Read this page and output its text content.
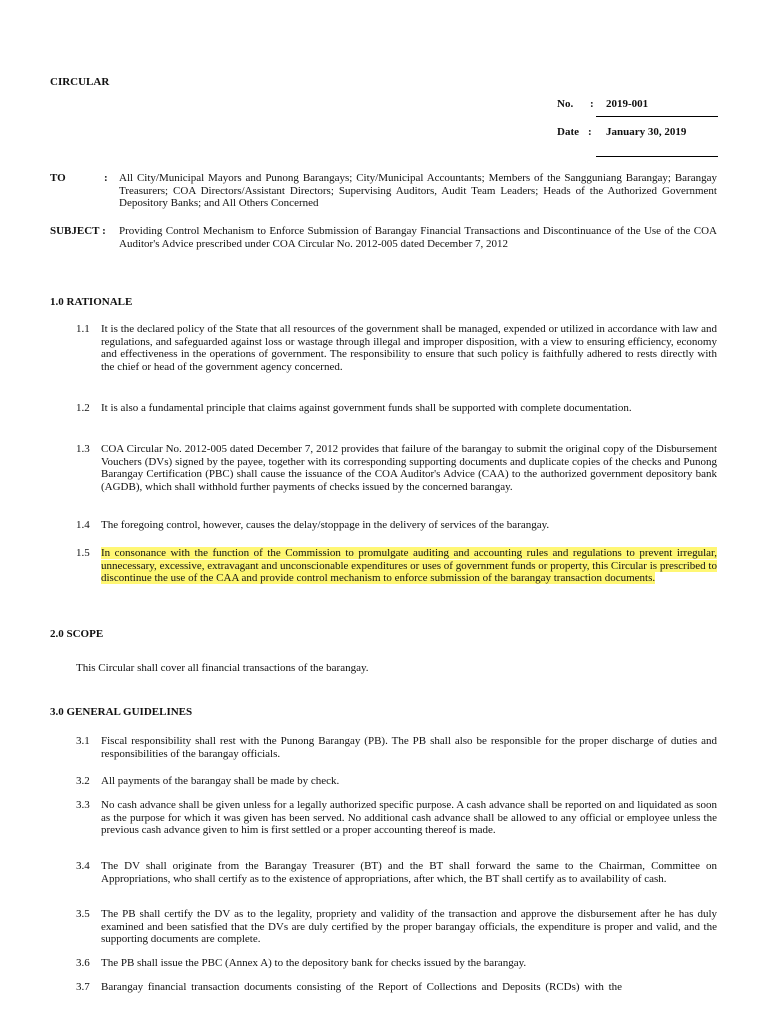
CIRCULAR
No. : 2019-001
Date : January 30, 2019
TO	: All City/Municipal Mayors and Punong Barangays; City/Municipal Accountants; Members of the Sangguniang Barangay; Barangay Treasurers; COA Directors/Assistant Directors; Supervising Auditors, Audit Team Leaders; Heads of the Authorized Government Depository Banks; and All Others Concerned
SUBJECT : Providing Control Mechanism to Enforce Submission of Barangay Financial Transactions and Discontinuance of the Use of the COA Auditor's Advice prescribed under COA Circular No. 2012-005 dated December 7, 2012
1.0 RATIONALE
1.1 It is the declared policy of the State that all resources of the government shall be managed, expended or utilized in accordance with law and regulations, and safeguarded against loss or wastage through illegal and improper disposition, with a view to ensuring efficiency, economy and effectiveness in the operations of government. The responsibility to ensure that such policy is faithfully adhered to rests directly with the chief or head of the government agency concerned.
1.2 It is also a fundamental principle that claims against government funds shall be supported with complete documentation.
1.3 COA Circular No. 2012-005 dated December 7, 2012 provides that failure of the barangay to submit the original copy of the Disbursement Vouchers (DVs) signed by the payee, together with its corresponding supporting documents and duplicate copies of the checks and Punong Barangay Certification (PBC) shall cause the issuance of the COA Auditor's Advice (CAA) to the authorized government depository bank (AGDB), which shall withhold further payments of checks issued by the concerned barangay.
1.4 The foregoing control, however, causes the delay/stoppage in the delivery of services of the barangay.
1.5 In consonance with the function of the Commission to promulgate auditing and accounting rules and regulations to prevent irregular, unnecessary, excessive, extravagant and unconscionable expenditures or uses of government funds or property, this Circular is prescribed to discontinue the use of the CAA and provide control mechanism to enforce submission of the barangay transaction documents.
2.0 SCOPE
This Circular shall cover all financial transactions of the barangay.
3.0 GENERAL GUIDELINES
3.1 Fiscal responsibility shall rest with the Punong Barangay (PB). The PB shall also be responsible for the proper discharge of duties and responsibilities of the barangay officials.
3.2 All payments of the barangay shall be made by check.
3.3 No cash advance shall be given unless for a legally authorized specific purpose. A cash advance shall be reported on and liquidated as soon as the purpose for which it was given has been served. No additional cash advance shall be allowed to any official or employee unless the previous cash advance given to him is first settled or a proper accounting thereof is made.
3.4 The DV shall originate from the Barangay Treasurer (BT) and the BT shall forward the same to the Chairman, Committee on Appropriations, who shall certify as to the existence of appropriations, after which, the BT shall certify as to availability of cash.
3.5 The PB shall certify the DV as to the legality, propriety and validity of the transaction and approve the disbursement after he has duly examined and been satisfied that the DVs are duly certified by the proper barangay officials, the expenditure is proper and valid, and the supporting documents are complete.
3.6 The PB shall issue the PBC (Annex A) to the depository bank for checks issued by the barangay.
3.7 Barangay financial transaction documents consisting of the Report of Collections and Deposits (RCDs) with the
